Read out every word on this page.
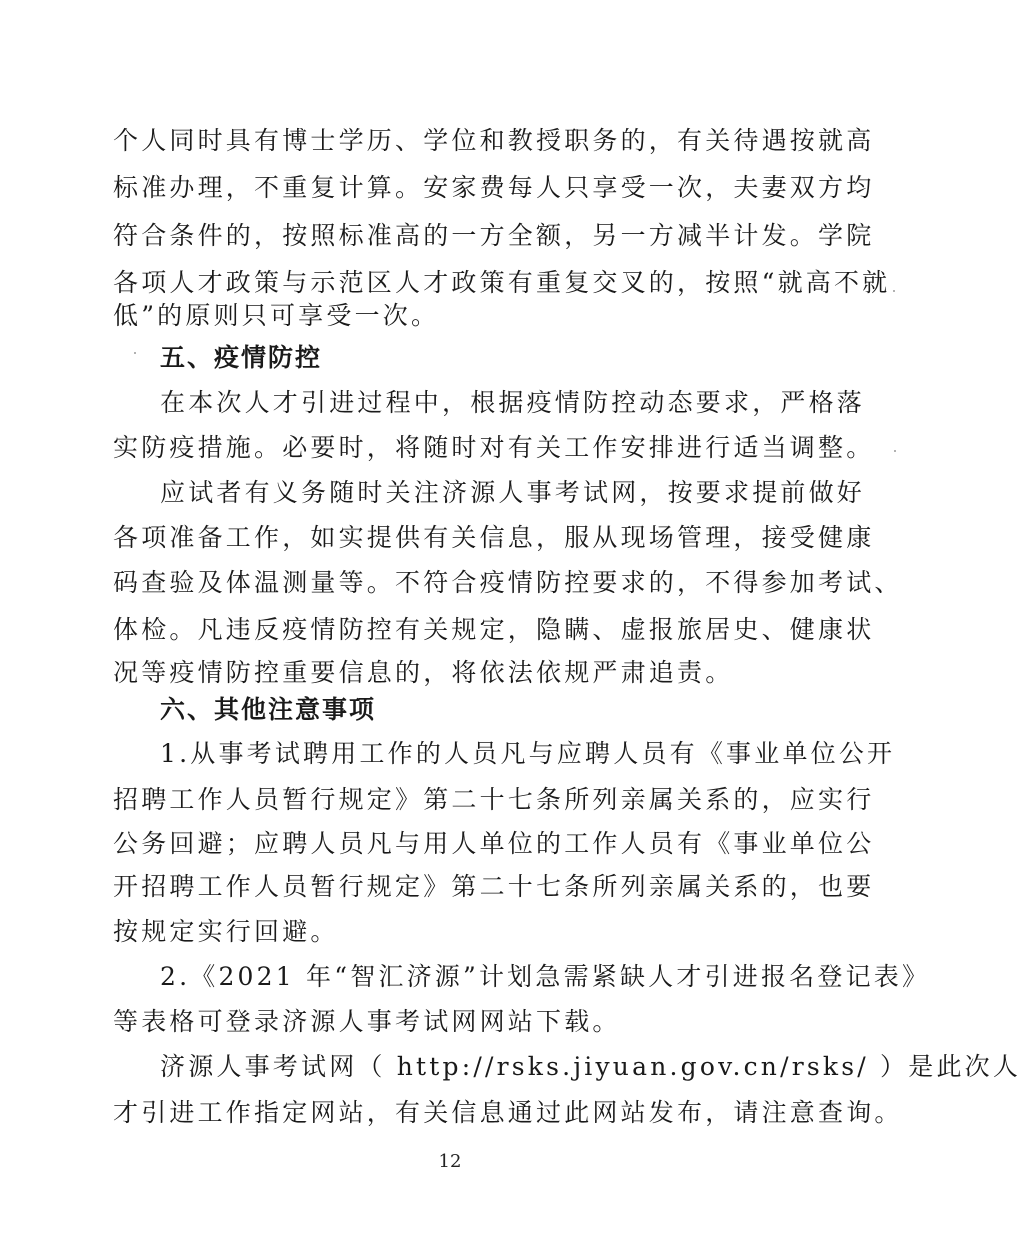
个人同时具有博士学历、学位和教授职务的，有关待遇按就高
标准办理，不重复计算。安家费每人只享受一次，夫妻双方均
符合条件的，按照标准高的一方全额，另一方减半计发。学院
各项人才政策与示范区人才政策有重复交叉的，按照“就高不就
低”的原则只可享受一次。
五、疫情防控
在本次人才引进过程中，根据疫情防控动态要求，严格落
实防疫措施。必要时，将随时对有关工作安排进行适当调整。
应试者有义务随时关注济源人事考试网，按要求提前做好
各项准备工作，如实提供有关信息，服从现场管理，接受健康
码查验及体温测量等。不符合疫情防控要求的，不得参加考试、
体检。凡违反疫情防控有关规定，隐瞒、虚报旅居史、健康状
况等疫情防控重要信息的，将依法依规严肃追责。
六、其他注意事项
1.从事考试聘用工作的人员凡与应聘人员有《事业单位公开
招聘工作人员暂行规定》第二十七条所列亲属关系的，应实行
公务回避；应聘人员凡与用人单位的工作人员有《事业单位公
开招聘工作人员暂行规定》第二十七条所列亲属关系的，也要
按规定实行回避。
2.《2021 年“智汇济源”计划急需紧缺人才引进报名登记表》
等表格可登录济源人事考试网网站下载。
济源人事考试网（ http://rsks.jiyuan.gov.cn/rsks/ ）是此次人
才引进工作指定网站，有关信息通过此网站发布，请注意查询。
12
